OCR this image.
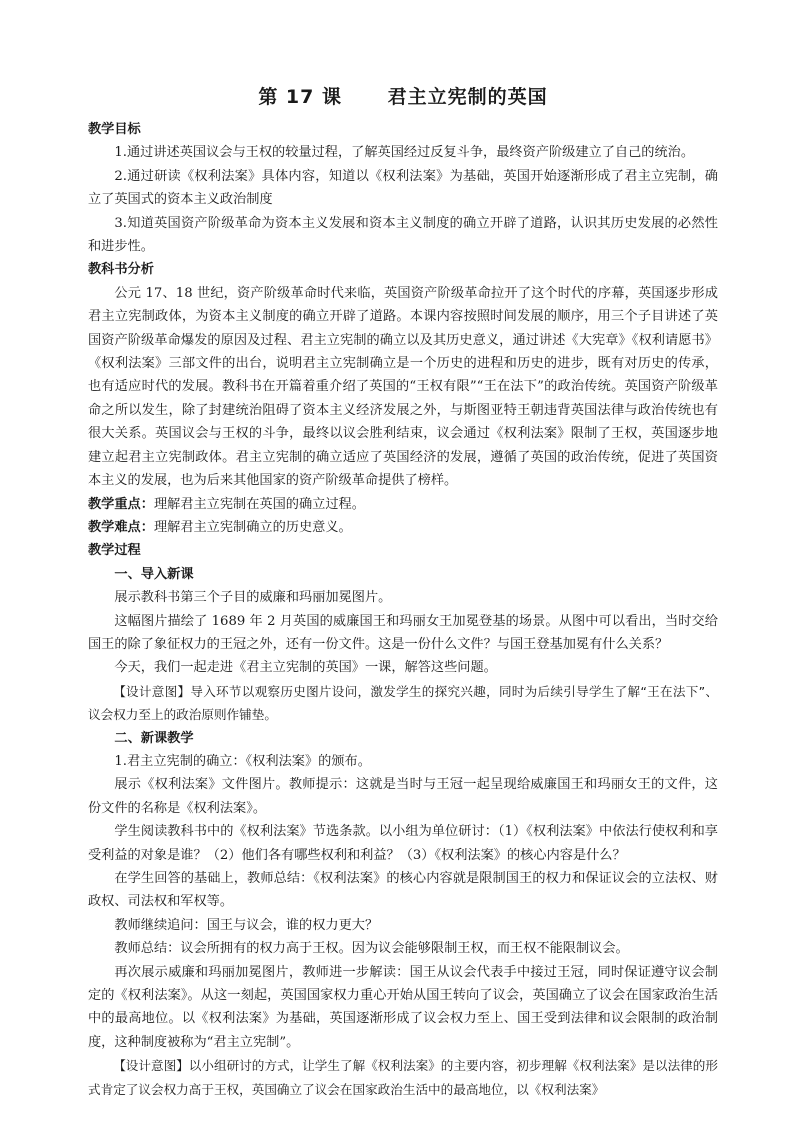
第 17 课      君主立宪制的英国
教学目标

1.通过讲述英国议会与王权的较量过程，了解英国经过反复斗争，最终资产阶级建立了自己的统治。

2.通过研读《权利法案》具体内容，知道以《权利法案》为基础，英国开始逐渐形成了君主立宪制，确立了英国式的资本主义政治制度

3.知道英国资产阶级革命为资本主义发展和资本主义制度的确立开辟了道路，认识其历史发展的必然性和进步性。

教科书分析

公元 17、18 世纪，资产阶级革命时代来临，英国资产阶级革命拉开了这个时代的序幕，英国逐步形成君主立宪制政体，为资本主义制度的确立开辟了道路。本课内容按照时间发展的顺序，用三个子目讲述了英国资产阶级革命爆发的原因及过程、君主立宪制的确立以及其历史意义，通过讲述《大宪章》《权利请愿书》《权利法案》三部文件的出台，说明君主立宪制确立是一个历史的进程和历史的进步，既有对历史的传承，也有适应时代的发展。教科书在开篇着重介绍了英国的“王权有限”“王在法下”的政治传统。英国资产阶级革命之所以发生，除了封建统治阻碍了资本主义经济发展之外，与斯图亚特王朝违背英国法律与政治传统也有很大关系。英国议会与王权的斗争，最终以议会胜利结束，议会通过《权利法案》限制了王权，英国逐步地建立起君主立宪制政体。君主立宪制的确立适应了英国经济的发展，遵循了英国的政治传统，促进了英国资本主义的发展，也为后来其他国家的资产阶级革命提供了榜样。

教学重点：理解君主立宪制在英国的确立过程。

教学难点：理解君主立宪制确立的历史意义。

教学过程
一、导入新课

展示教科书第三个子目的威廉和玛丽加冕图片。

这幅图片描绘了 1689 年 2 月英国的威廉国王和玛丽女王加冕登基的场景。从图中可以看出，当时交给国王的除了象征权力的王冠之外，还有一份文件。这是一份什么文件？与国王登基加冕有什么关系？

今天，我们一起走进《君主立宪制的英国》一课，解答这些问题。

【设计意图】导入环节以观察历史图片设问，激发学生的探究兴趣，同时为后续引导学生了解“王在法下”、议会权力至上的政治原则作铺垫。

二、新课教学

1.君主立宪制的确立：《权利法案》的颁布。

展示《权利法案》文件图片。教师提示：这就是当时与王冠一起呈现给威廉国王和玛丽女王的文件，这份文件的名称是《权利法案》。

学生阅读教科书中的《权利法案》节选条款。以小组为单位研讨：（1）《权利法案》中依法行使权利和享受利益的对象是谁？（2）他们各有哪些权利和利益？（3）《权利法案》的核心内容是什么？

在学生回答的基础上，教师总结：《权利法案》的核心内容就是限制国王的权力和保证议会的立法权、财政权、司法权和军权等。

教师继续追问：国王与议会，谁的权力更大？

教师总结：议会所拥有的权力高于王权。因为议会能够限制王权，而王权不能限制议会。

再次展示威廉和玛丽加冕图片，教师进一步解读：国王从议会代表手中接过王冠，同时保证遵守议会制定的《权利法案》。从这一刻起，英国国家权力重心开始从国王转向了议会，英国确立了议会在国家政治生活中的最高地位。以《权利法案》为基础，英国逐渐形成了议会权力至上、国王受到法律和议会限制的政治制度，这种制度被称为“君主立宪制”。

【设计意图】以小组研讨的方式，让学生了解《权利法案》的主要内容，初步理解《权利法案》是以法律的形式肯定了议会权力高于王权，英国确立了议会在国家政治生活中的最高地位，以《权利法案》
